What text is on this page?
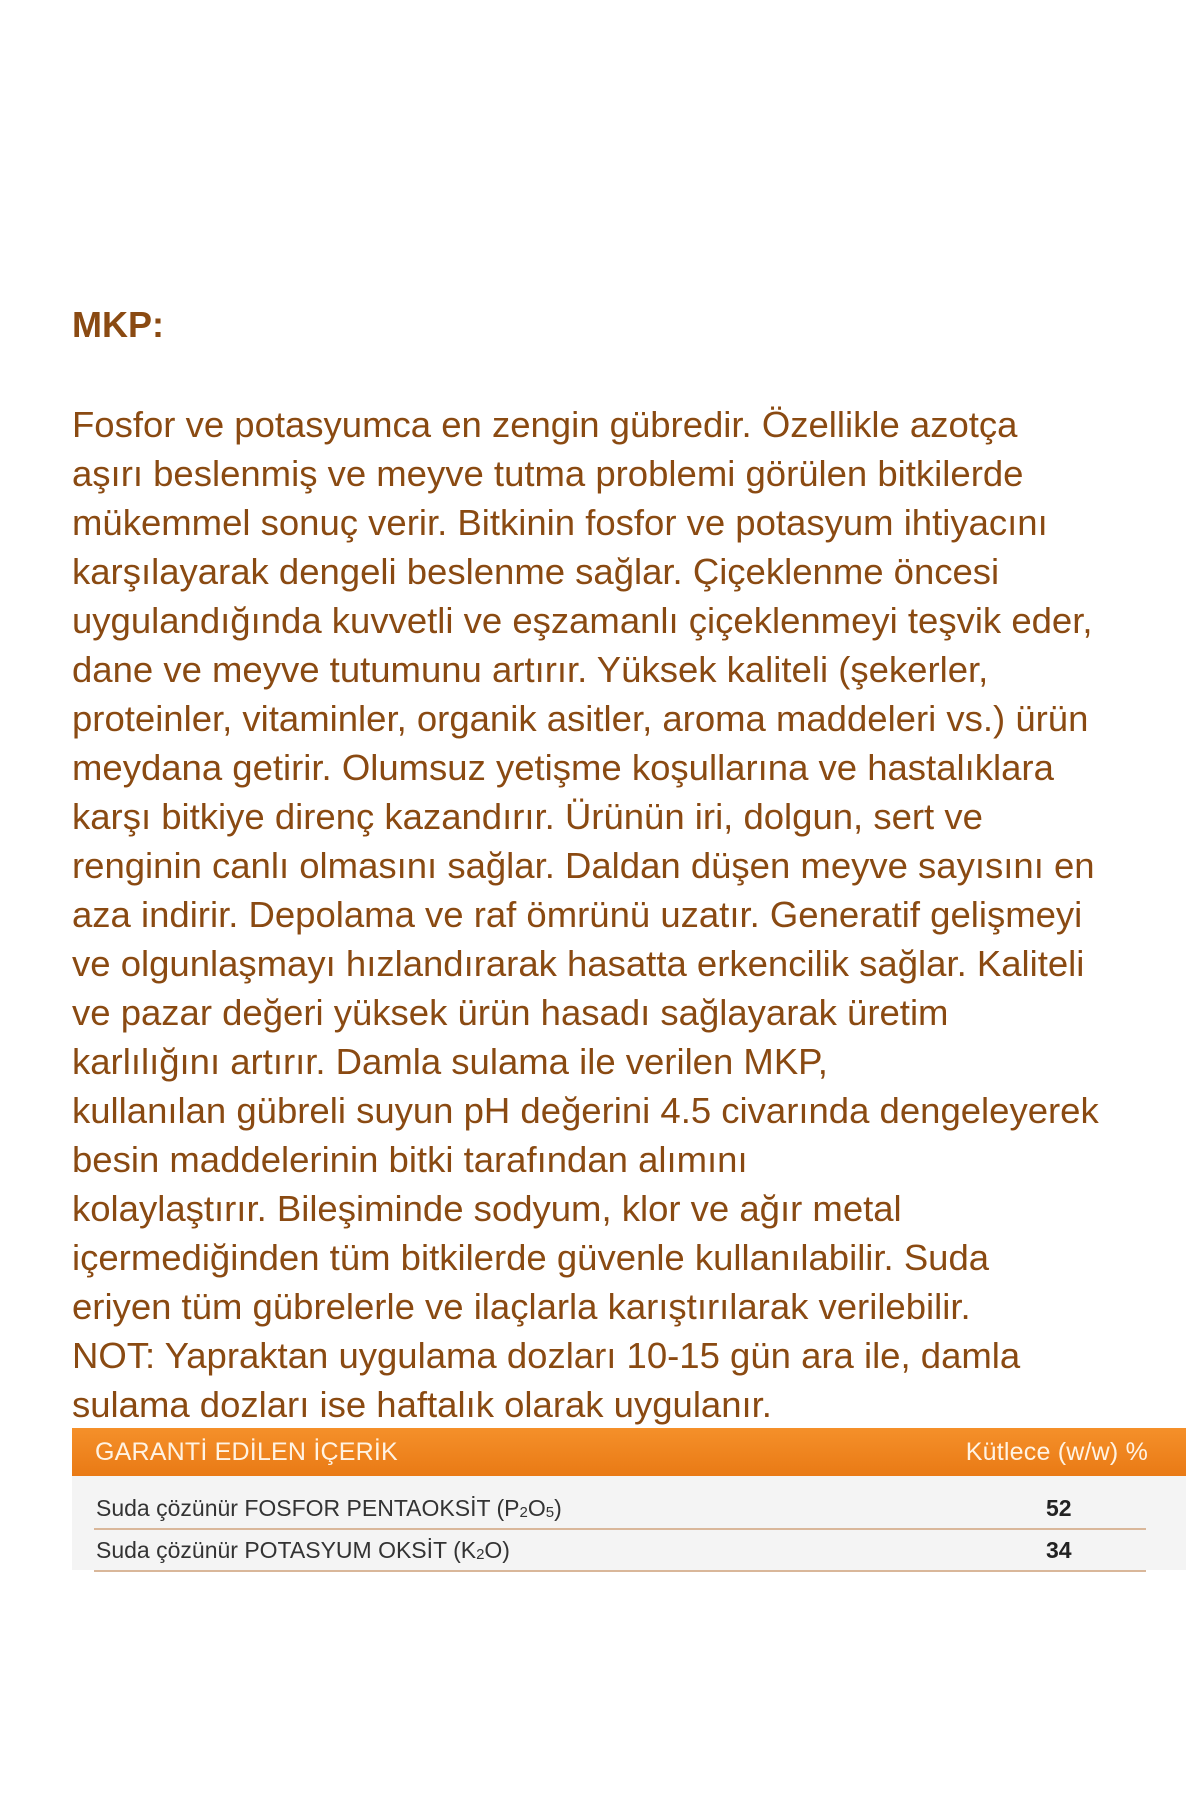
MKP:
Fosfor ve potasyumca en zengin gübredir. Özellikle azotça
aşırı beslenmiş ve meyve tutma problemi görülen bitkilerde
mükemmel sonuç verir. Bitkinin fosfor ve potasyum ihtiyacını
karşılayarak dengeli beslenme sağlar. Çiçeklenme öncesi
uygulandığında kuvvetli ve eşzamanlı çiçeklenmeyi teşvik eder,
dane ve meyve tutumunu artırır. Yüksek kaliteli (şekerler,
proteinler, vitaminler, organik asitler, aroma maddeleri vs.) ürün
meydana getirir. Olumsuz yetişme koşullarına ve hastalıklara
karşı bitkiye direnç kazandırır. Ürünün iri, dolgun, sert ve
renginin canlı olmasını sağlar. Daldan düşen meyve sayısını en
aza indirir. Depolama ve raf ömrünü uzatır. Generatif gelişmeyi
ve olgunlaşmayı hızlandırarak hasatta erkencilik sağlar. Kaliteli
ve pazar değeri yüksek ürün hasadı sağlayarak üretim
karlılığını artırır. Damla sulama ile verilen MKP,
kullanılan gübreli suyun pH değerini 4.5 civarında dengeleyerek
besin maddelerinin bitki tarafından alımını
kolaylaştırır. Bileşiminde sodyum, klor ve ağır metal
içermediğinden tüm bitkilerde güvenle kullanılabilir. Suda
eriyen tüm gübrelerle ve ilaçlarla karıştırılarak verilebilir.
NOT: Yapraktan uygulama dozları 10-15 gün ara ile, damla
sulama dozları ise haftalık olarak uygulanır.
GARANTİ EDİLEN İÇERİK	Kütlece (w/w) %
Suda çözünür FOSFOR PENTAOKSİT $(P_2O_5)$	52
Suda çözünür POTASYUM OKSİT $(K_2O)$	34
